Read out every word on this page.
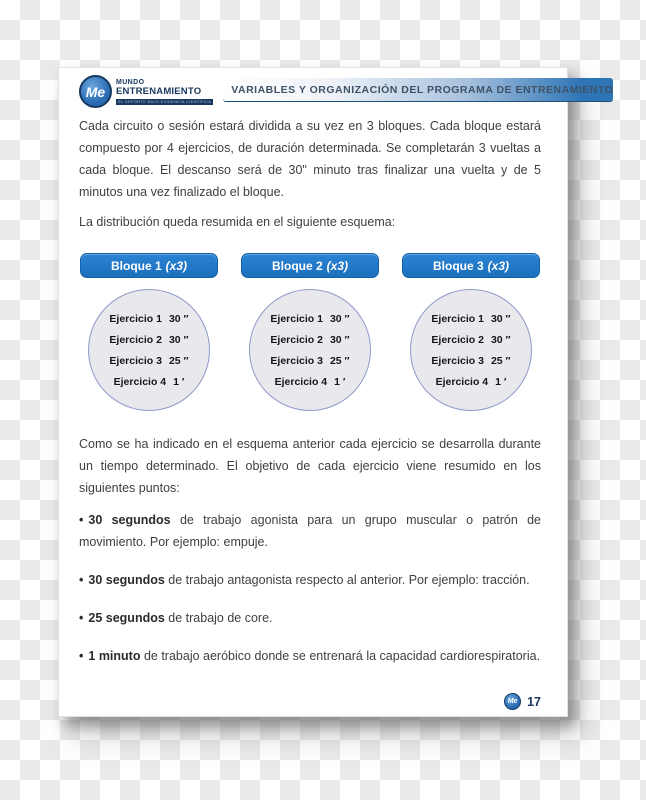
Me
MUNDO
ENTRENAMIENTO
EL DEPORTE BAJO EVIDENCIA CIENTÍFICA
VARIABLES Y ORGANIZACIÓN DEL PROGRAMA DE ENTRENAMIENTO

Cada circuito o sesión estará dividida a su vez en 3 bloques. Cada bloque estará compuesto por 4 ejercicios, de duración determinada. Se completarán 3 vueltas a cada bloque. El descanso será de 30" minuto tras finalizar una vuelta y de 5 minutos una vez finalizado el bloque.

La distribución queda resumida en el siguiente esquema:

Bloque 1 (x3)
Ejercicio 1 30 ″
Ejercicio 2 30 ″
Ejercicio 3 25 ″
Ejercicio 4 1 ′
Bloque 2 (x3)
Ejercicio 1 30 ″
Ejercicio 2 30 ″
Ejercicio 3 25 ″
Ejercicio 4 1 ′
Bloque 3 (x3)
Ejercicio 1 30 ″
Ejercicio 2 30 ″
Ejercicio 3 25 ″
Ejercicio 4 1 ′

Como se ha indicado en el esquema anterior cada ejercicio se desarrolla durante un tiempo determinado. El objetivo de cada ejercicio viene resumido en los siguientes puntos:

• 30 segundos de trabajo agonista para un grupo muscular o patrón de movimiento. Por ejemplo: empuje.
• 30 segundos de trabajo antagonista respecto al anterior. Por ejemplo: tracción.
• 25 segundos de trabajo de core.
• 1 minuto de trabajo aeróbico donde se entrenará la capacidad cardiorespiratoria.
Me 17
